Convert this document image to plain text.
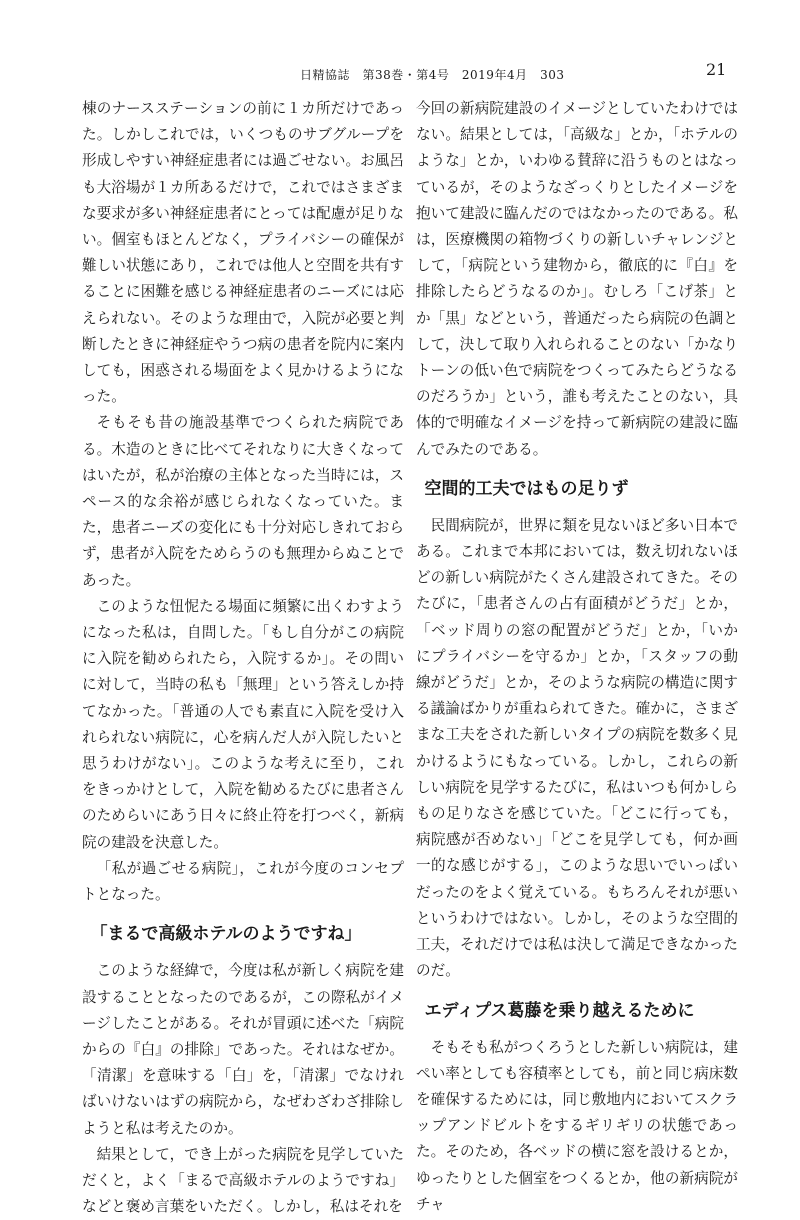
日精協誌　第38巻・第4号　2019年4月　303	21

棟のナースステーションの前に１カ所だけであった。しかしこれでは，いくつものサブグループを形成しやすい神経症患者には過ごせない。お風呂も大浴場が１カ所あるだけで，これではさまざまな要求が多い神経症患者にとっては配慮が足りない。個室もほとんどなく，プライバシーの確保が難しい状態にあり，これでは他人と空間を共有することに困難を感じる神経症患者のニーズには応えられない。そのような理由で，入院が必要と判断したときに神経症やうつ病の患者を院内に案内しても，困惑される場面をよく見かけるようになった。

そもそも昔の施設基準でつくられた病院である。木造のときに比べてそれなりに大きくなってはいたが，私が治療の主体となった当時には，スペース的な余裕が感じられなくなっていた。また，患者ニーズの変化にも十分対応しきれておらず，患者が入院をためらうのも無理からぬことであった。

このような忸怩たる場面に頻繁に出くわすようになった私は，自問した。「もし自分がこの病院に入院を勧められたら，入院するか」。その問いに対して，当時の私も「無理」という答えしか持てなかった。「普通の人でも素直に入院を受け入れられない病院に，心を病んだ人が入院したいと思うわけがない」。このような考えに至り，これをきっかけとして，入院を勧めるたびに患者さんのためらいにあう日々に終止符を打つべく，新病院の建設を決意した。

「私が過ごせる病院」，これが今度のコンセプトとなった。

「まるで高級ホテルのようですね」

このような経緯で，今度は私が新しく病院を建設することとなったのであるが，この際私がイメージしたことがある。それが冒頭に述べた「病院からの『白』の排除」であった。それはなぜか。「清潔」を意味する「白」を，「清潔」でなければいけないはずの病院から，なぜわざわざ排除しようと私は考えたのか。

結果として，でき上がった病院を見学していただくと，よく「まるで高級ホテルのようですね」などと褒め言葉をいただく。しかし，私はそれを

今回の新病院建設のイメージとしていたわけではない。結果としては，「高級な」とか，「ホテルのような」とか，いわゆる賛辞に沿うものとはなっているが，そのようなざっくりとしたイメージを抱いて建設に臨んだのではなかったのである。私は，医療機関の箱物づくりの新しいチャレンジとして，「病院という建物から，徹底的に『白』を排除したらどうなるのか」。むしろ「こげ茶」とか「黒」などという，普通だったら病院の色調として，決して取り入れられることのない「かなりトーンの低い色で病院をつくってみたらどうなるのだろうか」という，誰も考えたことのない，具体的で明確なイメージを持って新病院の建設に臨んでみたのである。

空間的工夫ではもの足りず

民間病院が，世界に類を見ないほど多い日本である。これまで本邦においては，数え切れないほどの新しい病院がたくさん建設されてきた。そのたびに，「患者さんの占有面積がどうだ」とか，「ベッド周りの窓の配置がどうだ」とか，「いかにプライバシーを守るか」とか，「スタッフの動線がどうだ」とか，そのような病院の構造に関する議論ばかりが重ねられてきた。確かに，さまざまな工夫をされた新しいタイプの病院を数多く見かけるようにもなっている。しかし，これらの新しい病院を見学するたびに，私はいつも何かしらもの足りなさを感じていた。「どこに行っても，病院感が否めない」「どこを見学しても，何か画一的な感じがする」，このような思いでいっぱいだったのをよく覚えている。もちろんそれが悪いというわけではない。しかし，そのような空間的工夫，それだけでは私は決して満足できなかったのだ。

エディプス葛藤を乗り越えるために

そもそも私がつくろうとした新しい病院は，建ぺい率としても容積率としても，前と同じ病床数を確保するためには，同じ敷地内においてスクラップアンドビルトをするギリギリの状態であった。そのため，各ベッドの横に窓を設けるとか，ゆったりとした個室をつくるとか，他の新病院がチャ
